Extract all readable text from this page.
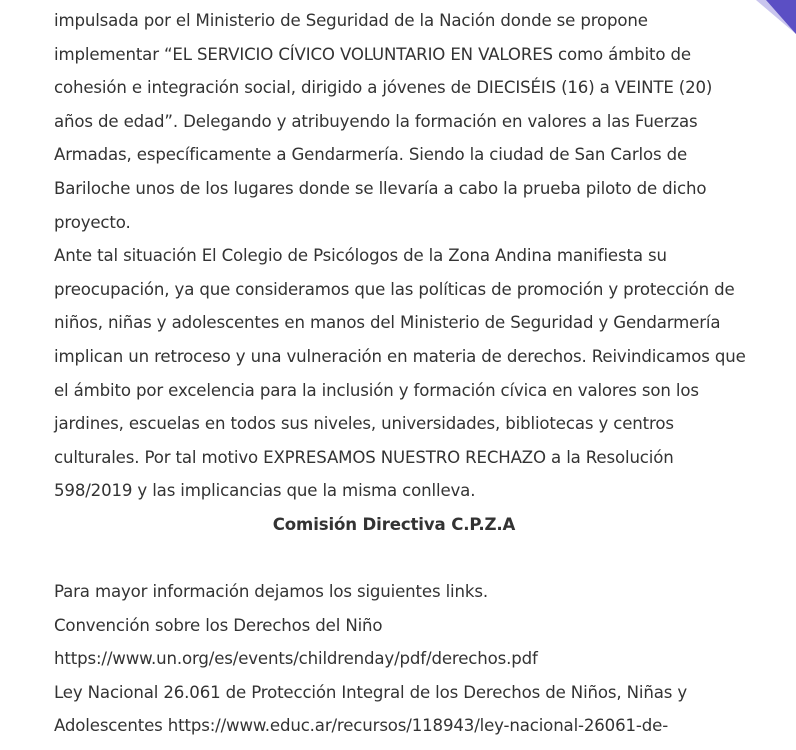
impulsada por el Ministerio de Seguridad de la Nación donde se propone
implementar “EL SERVICIO CÍVICO VOLUNTARIO EN VALORES como ámbito de
cohesión e integración social, dirigido a jóvenes de DIECISÉIS (16) a VEINTE (20)
años de edad”. Delegando y atribuyendo la formación en valores a las Fuerzas
Armadas, específicamente a Gendarmería. Siendo la ciudad de San Carlos de
Bariloche unos de los lugares donde se llevaría a cabo la prueba piloto de dicho
proyecto.
Ante tal situación El Colegio de Psicólogos de la Zona Andina manifiesta su
preocupación, ya que consideramos que las políticas de promoción y protección de
niños, niñas y adolescentes en manos del Ministerio de Seguridad y Gendarmería
implican un retroceso y una vulneración en materia de derechos. Reivindicamos que
el ámbito por excelencia para la inclusión y formación cívica en valores son los
jardines, escuelas en todos sus niveles, universidades, bibliotecas y centros
culturales. Por tal motivo EXPRESAMOS NUESTRO RECHAZO a la Resolución
598/2019 y las implicancias que la misma conlleva.
Comisión Directiva C.P.Z.A
Para mayor información dejamos los siguientes links.
Convención sobre los Derechos del Niño
https://www.un.org/es/events/childrenday/pdf/derechos.pdf
Ley Nacional 26.061 de Protección Integral de los Derechos de Niños, Niñas y
Adolescentes https://www.educ.ar/recursos/118943/ley-nacional-26061-de-
